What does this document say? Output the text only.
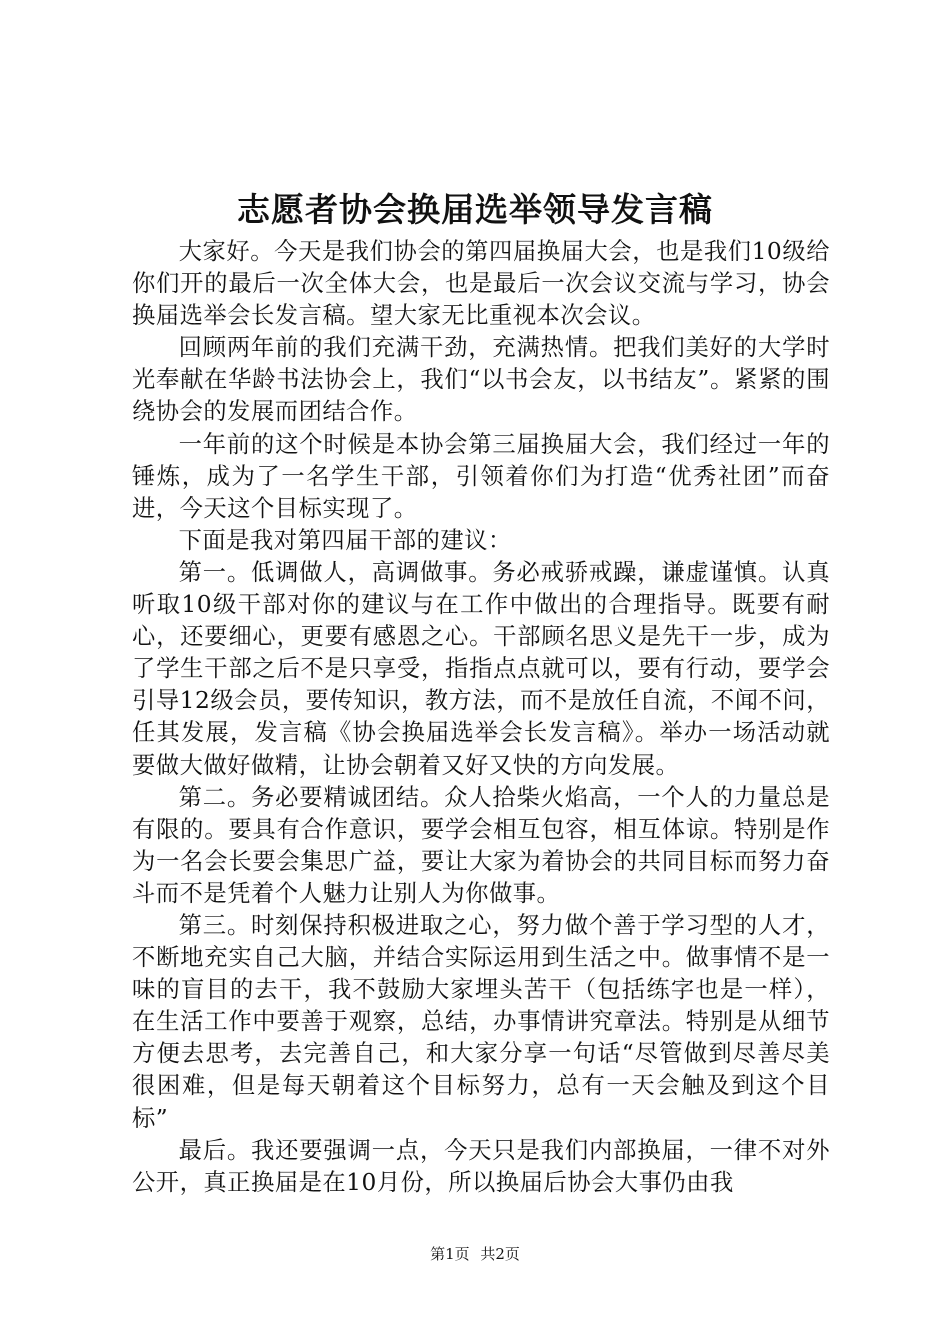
志愿者协会换届选举领导发言稿

大家好。今天是我们协会的第四届换届大会，也是我们10级给你们开的最后一次全体大会，也是最后一次会议交流与学习，协会换届选举会长发言稿。望大家无比重视本次会议。

回顾两年前的我们充满干劲，充满热情。把我们美好的大学时光奉献在华龄书法协会上，我们“以书会友，以书结友”。紧紧的围绕协会的发展而团结合作。

一年前的这个时候是本协会第三届换届大会，我们经过一年的锤炼，成为了一名学生干部，引领着你们为打造“优秀社团”而奋进，今天这个目标实现了。

下面是我对第四届干部的建议：

第一。低调做人，高调做事。务必戒骄戒躁，谦虚谨慎。认真听取10级干部对你的建议与在工作中做出的合理指导。既要有耐心，还要细心，更要有感恩之心。干部顾名思义是先干一步，成为了学生干部之后不是只享受，指指点点就可以，要有行动，要学会引导12级会员，要传知识，教方法，而不是放任自流，不闻不问，任其发展，发言稿《协会换届选举会长发言稿》。举办一场活动就要做大做好做精，让协会朝着又好又快的方向发展。

第二。务必要精诚团结。众人拾柴火焰高，一个人的力量总是有限的。要具有合作意识，要学会相互包容，相互体谅。特别是作为一名会长要会集思广益，要让大家为着协会的共同目标而努力奋斗而不是凭着个人魅力让别人为你做事。

第三。时刻保持积极进取之心，努力做个善于学习型的人才，不断地充实自己大脑，并结合实际运用到生活之中。做事情不是一味的盲目的去干，我不鼓励大家埋头苦干（包括练字也是一样），在生活工作中要善于观察，总结，办事情讲究章法。特别是从细节方便去思考，去完善自己，和大家分享一句话“尽管做到尽善尽美很困难，但是每天朝着这个目标努力，总有一天会触及到这个目标”

最后。我还要强调一点，今天只是我们内部换届，一律不对外公开，真正换届是在10月份，所以换届后协会大事仍由我

第1页 共2页
